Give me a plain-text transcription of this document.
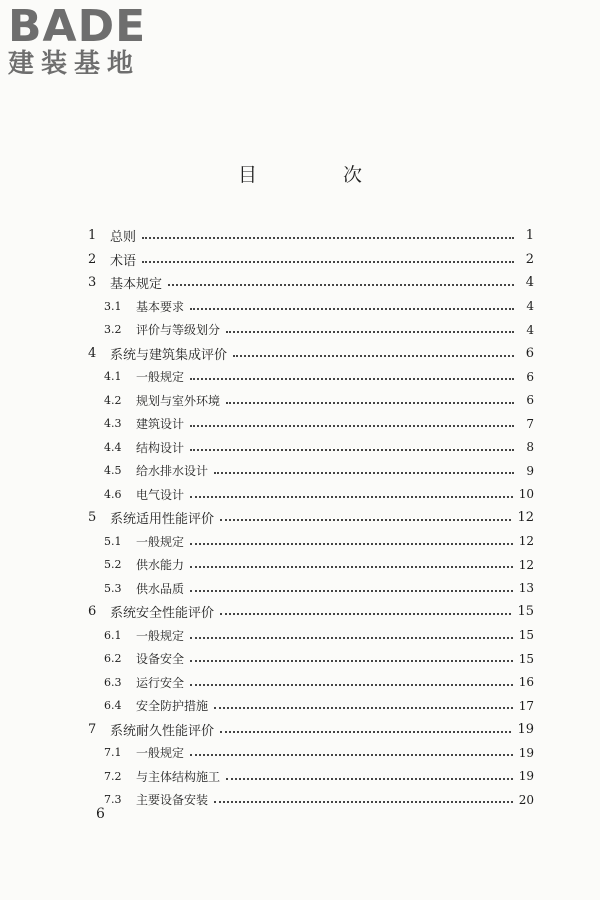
BADE
建装基地
目 次
1	总则	1
2	术语	2
3	基本规定	4
3.1	基本要求	4
3.2	评价与等级划分	4
4	系统与建筑集成评价	6
4.1	一般规定	6
4.2	规划与室外环境	6
4.3	建筑设计	7
4.4	结构设计	8
4.5	给水排水设计	9
4.6	电气设计	10
5	系统适用性能评价	12
5.1	一般规定	12
5.2	供水能力	12
5.3	供水品质	13
6	系统安全性能评价	15
6.1	一般规定	15
6.2	设备安全	15
6.3	运行安全	16
6.4	安全防护措施	17
7	系统耐久性能评价	19
7.1	一般规定	19
7.2	与主体结构施工	19
7.3	主要设备安装	20
6
